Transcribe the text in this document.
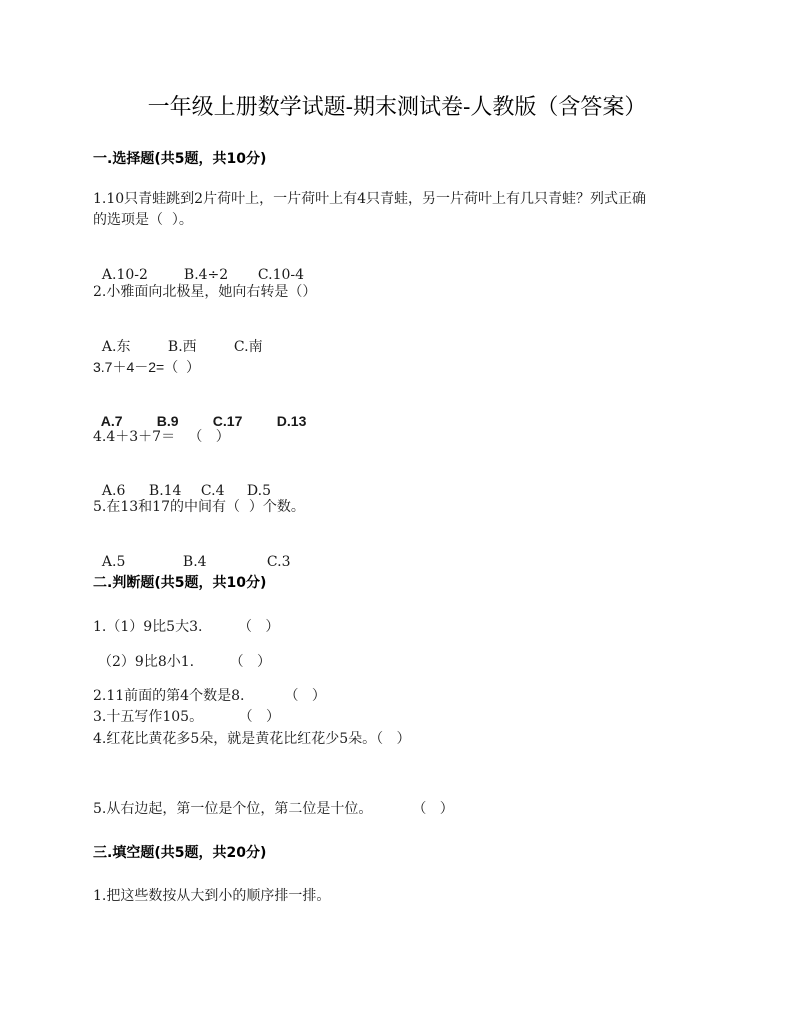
一年级上册数学试题-期末测试卷-人教版（含答案）
一.选择题(共5题，共10分)
1.10只青蛙跳到2片荷叶上，一片荷叶上有4只青蛙，另一片荷叶上有几只青蛙？列式正确
的选项是（  ）。

A.10-2	B.4÷2 C.10-4

2.小雅面向北极星，她向右转是（）

A.东	B.西	C.南

3.7＋4－2=（  ）

A.7 B.9 C.17 D.13

4.4＋3＋7＝   （   ）

A.6 B.14 C.4 D.5

5.在13和17的中间有（  ）个数。

A.5	B.4	C.3

二.判断题(共5题，共10分)
1.（1）9比5大3.        （   ）
（2）9比8小1.        （   ）
2.11前面的第4个数是8.         （   ）
3.十五写作105。        （   ）
4.红花比黄花多5朵，就是黄花比红花少5朵。（   ）
5.从右边起，第一位是个位，第二位是十位。         （   ）
三.填空题(共5题，共20分)
1.把这些数按从大到小的顺序排一排。
